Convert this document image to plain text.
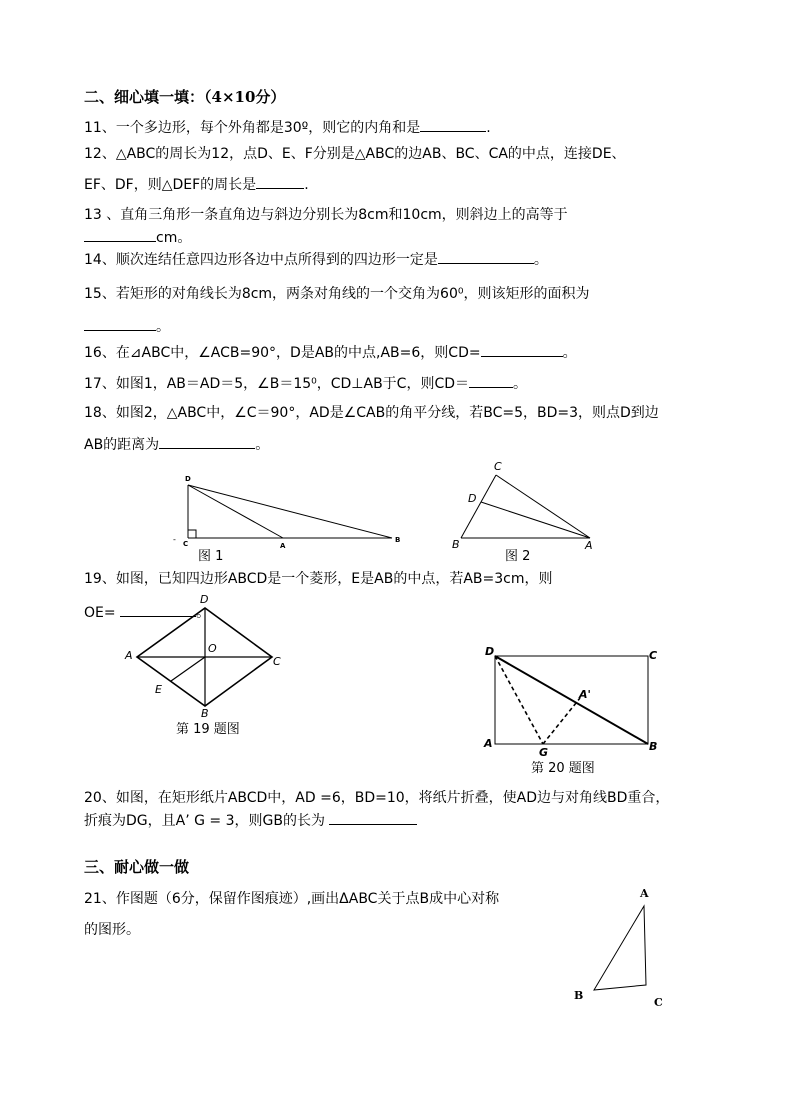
二、细心填一填：（4×10分）
11、一个多边形，每个外角都是30º，则它的内角和是	.
12、△ABC的周长为12，点D、E、F分别是△ABC的边AB、BC、CA的中点，连接DE、
EF、DF，则△DEF的周长是	.
13 、直角三角形一条直角边与斜边分别长为8cm和10cm，则斜边上的高等于
cm。
14、顺次连结任意四边形各边中点所得到的四边形一定是	。
15、若矩形的对角线长为8cm，两条对角线的一个交角为60⁰，则该矩形的面积为
。
16、在⊿ABC中，∠ACB=90°，D是AB的中点,AB=6，则CD=	。
17、如图1，AB＝AD＝5，∠B＝15⁰，CD⊥AB于C，则CD＝	。
18、如图2，△ABC中，∠C＝90°，AD是∠CAB的角平分线，若BC=5，BD=3，则点D到边
AB的距离为	。
D
C	A
B
-
C
D
B	A
D
A
O
C
E
B
D	C
A'
A
G	B
A
B
C
图 1	图 2
第 19 题图
第 20 题图
19、如图，已知四边形ABCD是一个菱形，E是AB的中点，若AB=3cm，则
OE=	。
20、如图，在矩形纸片ABCD中，AD =6，BD=10，将纸片折叠，使AD边与对角线BD重合，
折痕为DG，且A’ G = 3，则GB的长为
三、耐心做一做
21、作图题（6分，保留作图痕迹）,画出ΔABC关于点B成中心对称
的图形。
